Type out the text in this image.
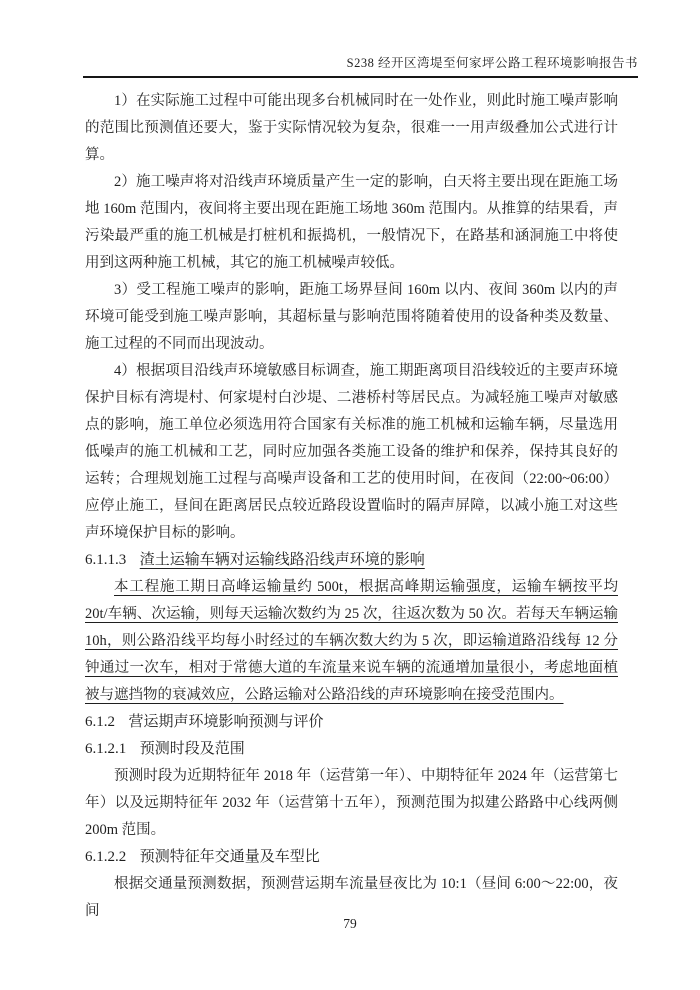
S238 经开区湾堤至何家坪公路工程环境影响报告书

1）在实际施工过程中可能出现多台机械同时在一处作业，则此时施工噪声影响的范围比预测值还要大，鉴于实际情况较为复杂，很难一一用声级叠加公式进行计算。

2）施工噪声将对沿线声环境质量产生一定的影响，白天将主要出现在距施工场地 160m 范围内，夜间将主要出现在距施工场地 360m 范围内。从推算的结果看，声污染最严重的施工机械是打桩机和振捣机，一般情况下，在路基和涵洞施工中将使用到这两种施工机械，其它的施工机械噪声较低。

3）受工程施工噪声的影响，距施工场界昼间 160m 以内、夜间 360m 以内的声环境可能受到施工噪声影响，其超标量与影响范围将随着使用的设备种类及数量、施工过程的不同而出现波动。

4）根据项目沿线声环境敏感目标调查，施工期距离项目沿线较近的主要声环境保护目标有湾堤村、何家堤村白沙堤、二港桥村等居民点。为减轻施工噪声对敏感点的影响，施工单位必须选用符合国家有关标准的施工机械和运输车辆，尽量选用低噪声的施工机械和工艺，同时应加强各类施工设备的维护和保养，保持其良好的运转；合理规划施工过程与高噪声设备和工艺的使用时间，在夜间（22:00~06:00）应停止施工，昼间在距离居民点较近路段设置临时的隔声屏障，以减小施工对这些声环境保护目标的影响。

6.1.1.3 渣土运输车辆对运输线路沿线声环境的影响

本工程施工期日高峰运输量约 500t，根据高峰期运输强度，运输车辆按平均 20t/车辆、次运输，则每天运输次数约为 25 次，往返次数为 50 次。若每天车辆运输 10h，则公路沿线平均每小时经过的车辆次数大约为 5 次，即运输道路沿线每 12 分钟通过一次车，相对于常德大道的车流量来说车辆的流通增加量很小，考虑地面植被与遮挡物的衰减效应，公路运输对公路沿线的声环境影响在接受范围内。

6.1.2 营运期声环境影响预测与评价
6.1.2.1 预测时段及范围

预测时段为近期特征年 2018 年（运营第一年）、中期特征年 2024 年（运营第七年）以及远期特征年 2032 年（运营第十五年），预测范围为拟建公路路中心线两侧 200m 范围。

6.1.2.2 预测特征年交通量及车型比

根据交通量预测数据，预测营运期车流量昼夜比为 10:1（昼间 6:00～22:00，夜间

79
